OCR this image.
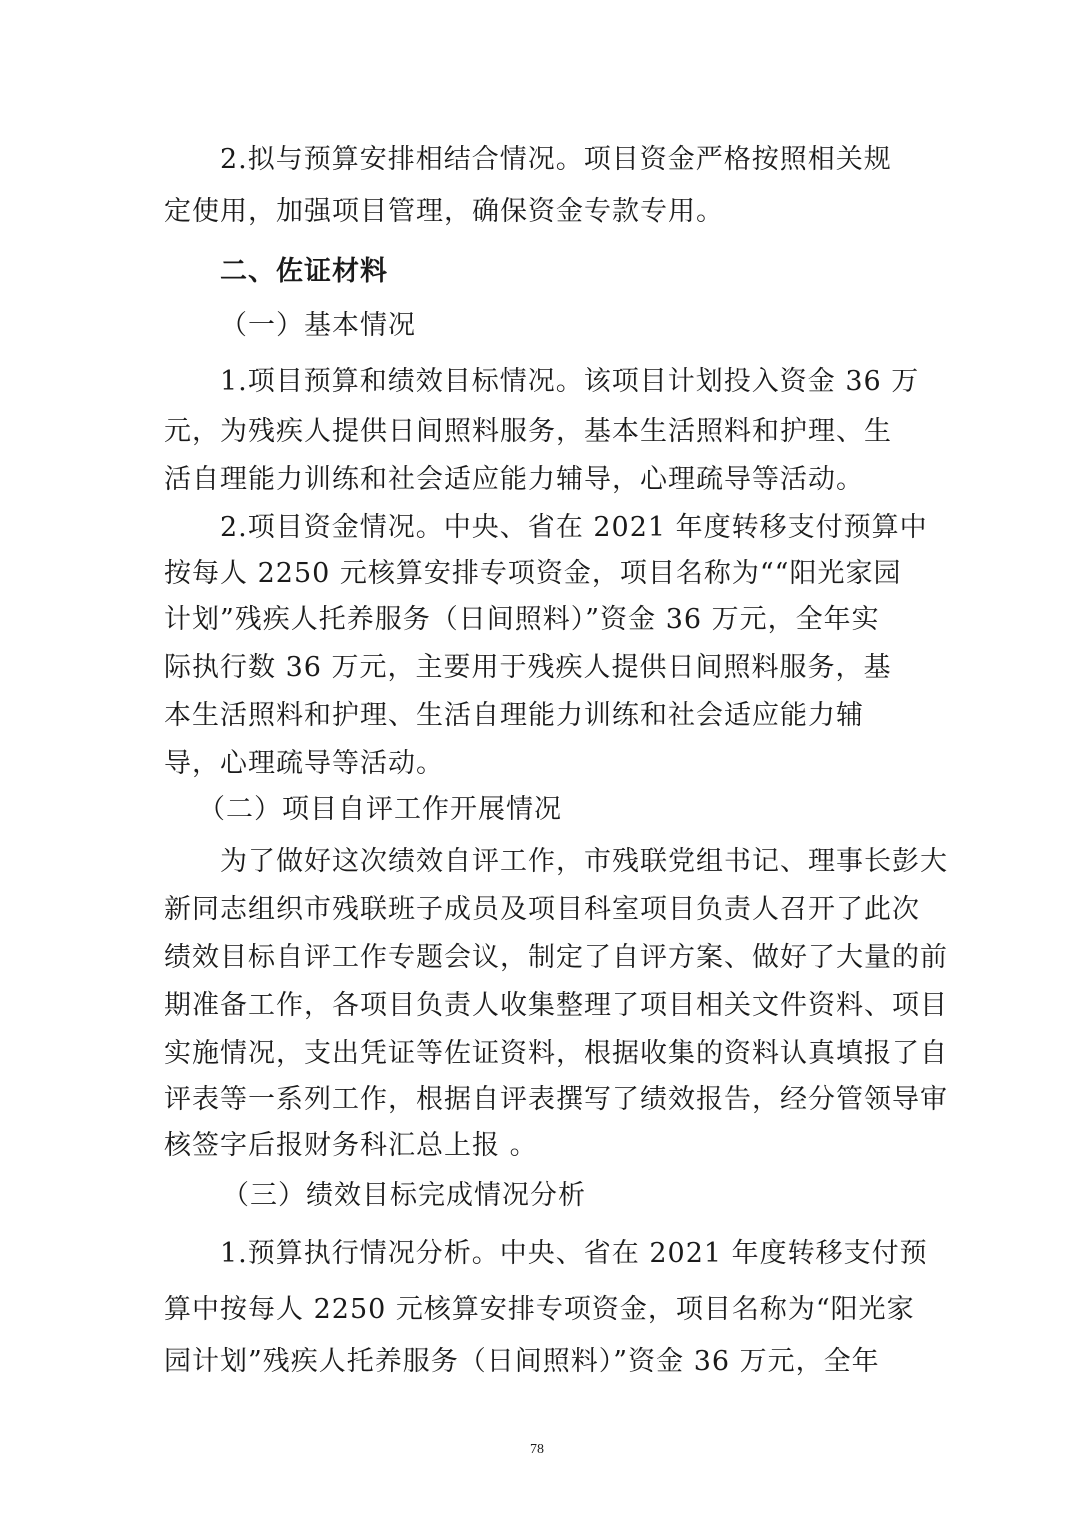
2.拟与预算安排相结合情况。项目资金严格按照相关规
定使用，加强项目管理，确保资金专款专用。
二、佐证材料
（一）基本情况
1.项目预算和绩效目标情况。该项目计划投入资金 36 万
元，为残疾人提供日间照料服务，基本生活照料和护理、生
活自理能力训练和社会适应能力辅导，心理疏导等活动。
2.项目资金情况。中央、省在 2021 年度转移支付预算中
按每人 2250 元核算安排专项资金，项目名称为““阳光家园
计划”残疾人托养服务（日间照料）”资金 36 万元，全年实
际执行数 36 万元，主要用于残疾人提供日间照料服务，基
本生活照料和护理、生活自理能力训练和社会适应能力辅
导，心理疏导等活动。
（二）项目自评工作开展情况
为了做好这次绩效自评工作，市残联党组书记、理事长彭大
新同志组织市残联班子成员及项目科室项目负责人召开了此次
绩效目标自评工作专题会议，制定了自评方案、做好了大量的前
期准备工作，各项目负责人收集整理了项目相关文件资料、项目
实施情况，支出凭证等佐证资料，根据收集的资料认真填报了自
评表等一系列工作，根据自评表撰写了绩效报告，经分管领导审
核签字后报财务科汇总上报 。
（三）绩效目标完成情况分析
1.预算执行情况分析。中央、省在 2021 年度转移支付预
算中按每人 2250 元核算安排专项资金，项目名称为“阳光家
园计划”残疾人托养服务（日间照料）”资金 36 万元，全年
78
